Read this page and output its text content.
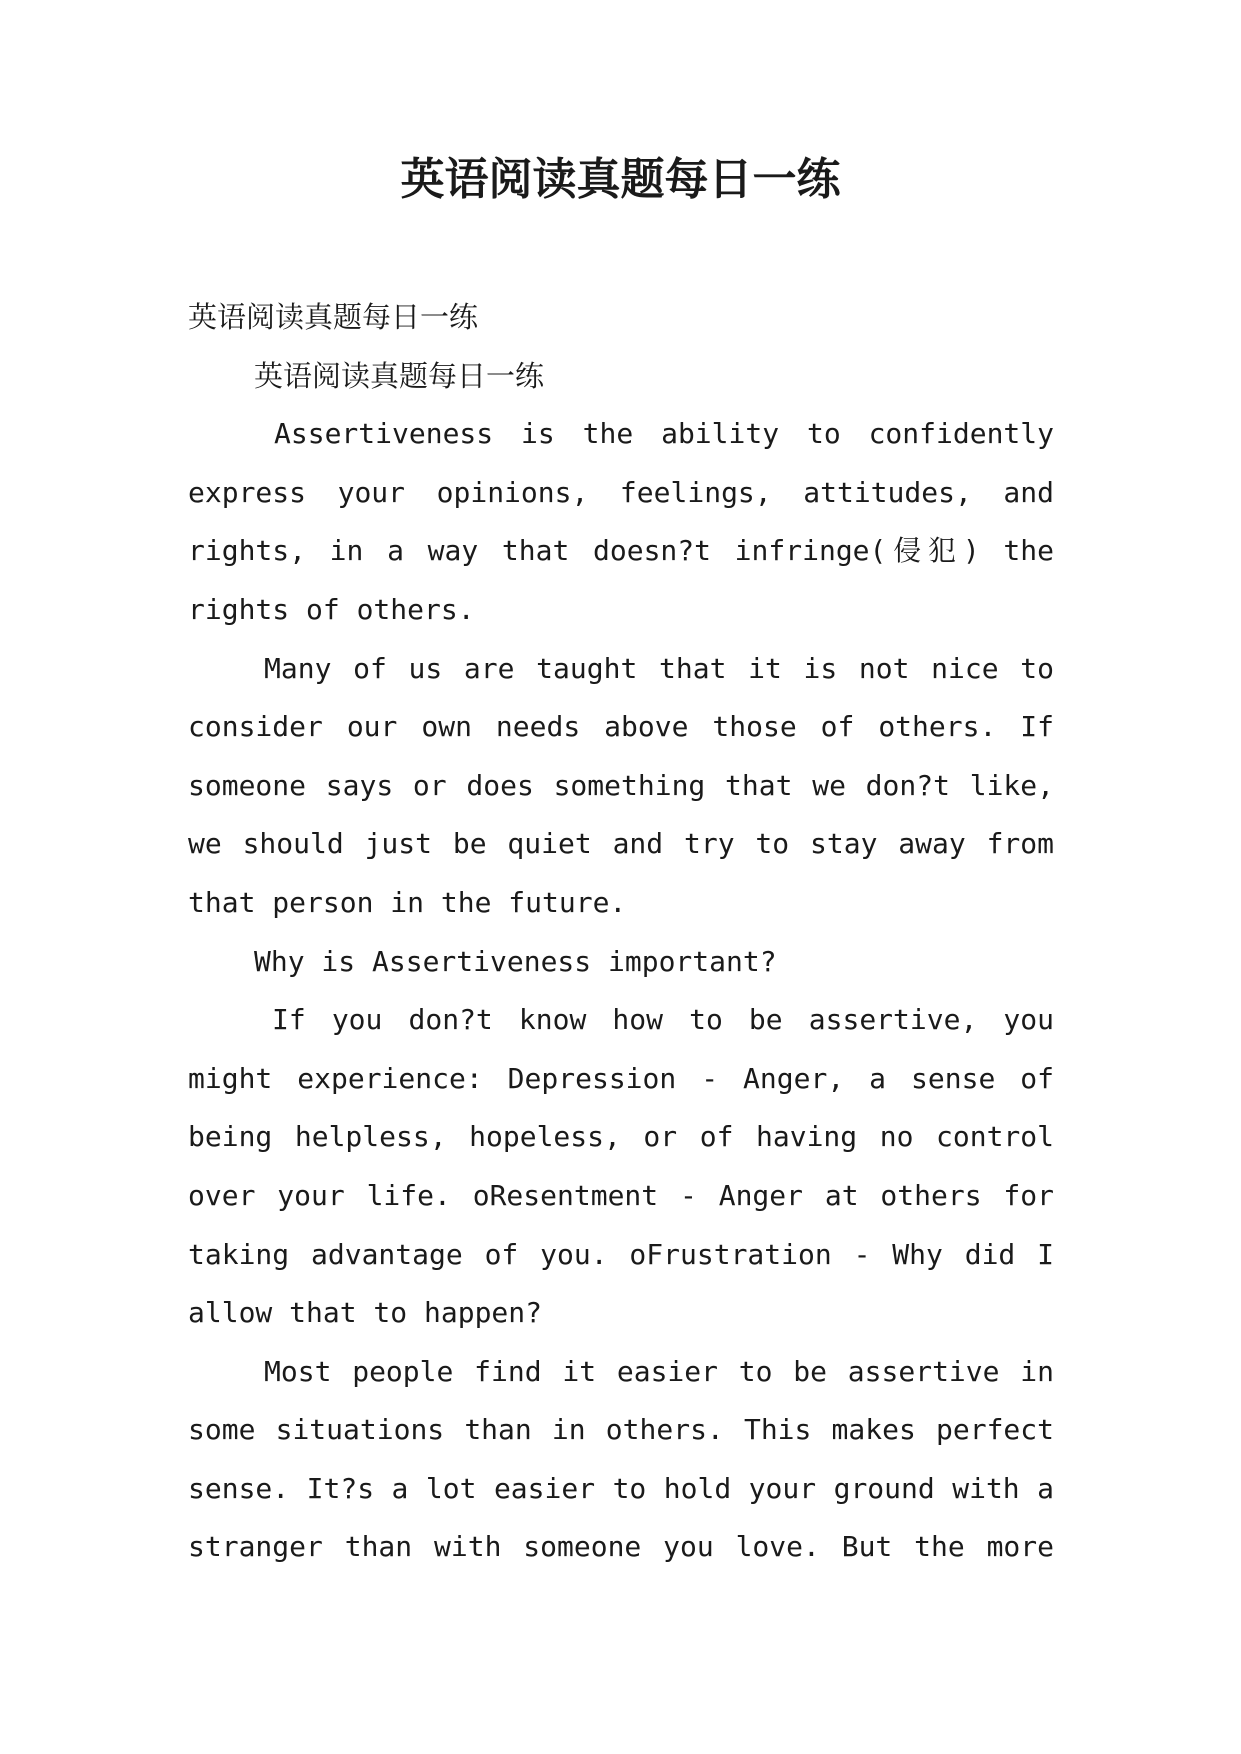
英语阅读真题每日一练
英语阅读真题每日一练
英语阅读真题每日一练
Assertiveness is the ability to confidently
express your opinions, feelings, attitudes, and
rights, in a way that doesn?t infringe(侵犯) the
rights of others.
Many of us are taught that it is not nice to
consider our own needs above those of others. If
someone says or does something that we don?t like,
we should just be quiet and try to stay away from
that person in the future.
Why is Assertiveness important?
If you don?t know how to be assertive, you
might experience: Depression - Anger, a sense of
being helpless, hopeless, or of having no control
over your life. oResentment - Anger at others for
taking advantage of you. oFrustration - Why did I
allow that to happen?
Most people find it easier to be assertive in
some situations than in others. This makes perfect
sense. It?s a lot easier to hold your ground with a
stranger than with someone you love. But the more
